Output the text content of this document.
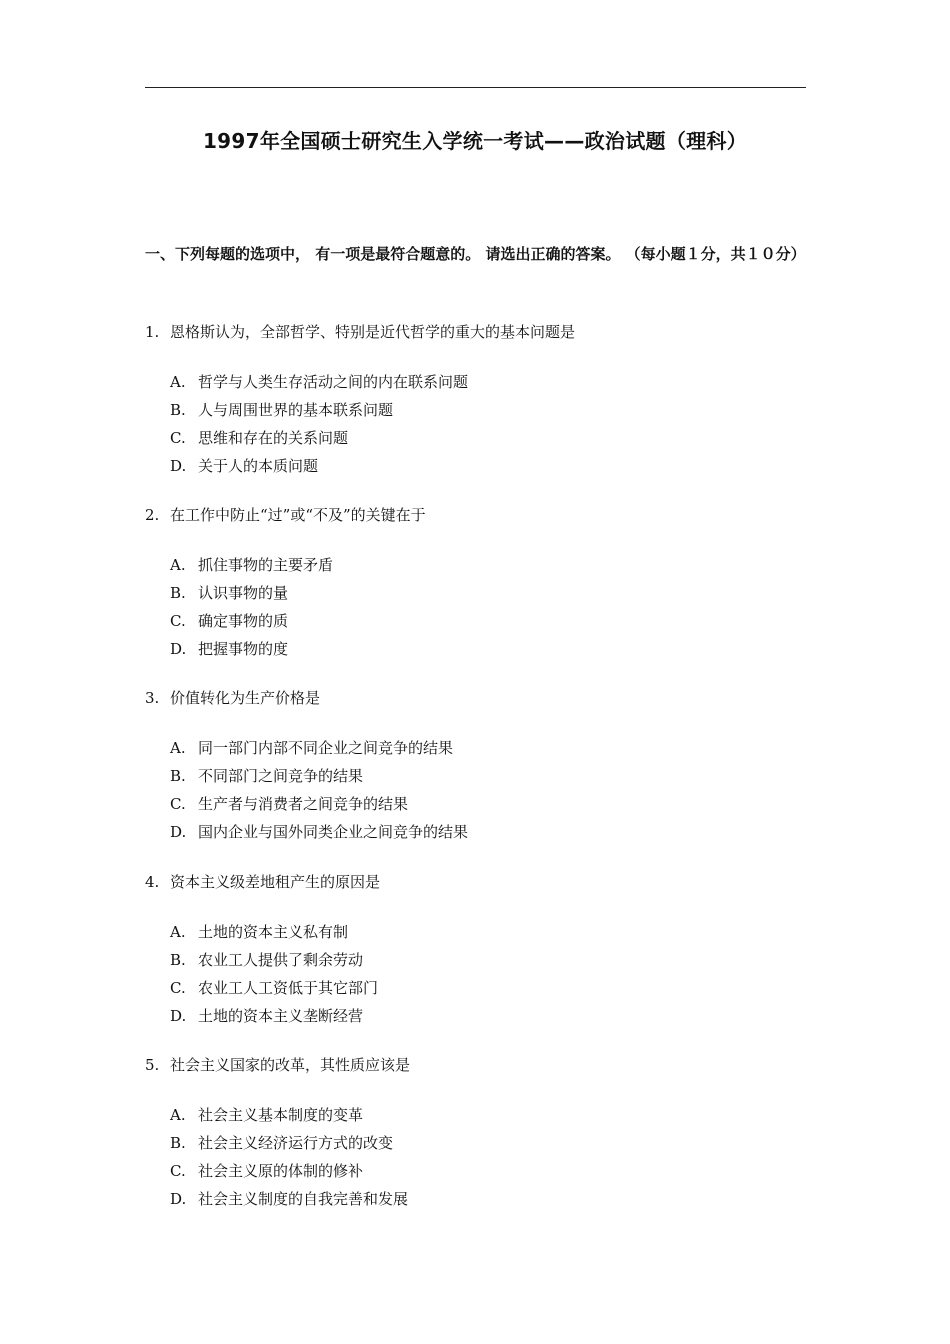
1997年全国硕士研究生入学统一考试——政治试题（理科）
一、下列每题的选项中， 有一项是最符合题意的。 请选出正确的答案。 （每小题１分，共１０分）
1. 恩格斯认为，全部哲学、特别是近代哲学的重大的基本问题是
A. 哲学与人类生存活动之间的内在联系问题
B. 人与周围世界的基本联系问题
C. 思维和存在的关系问题
D. 关于人的本质问题
2. 在工作中防止“过”或“不及”的关键在于
A. 抓住事物的主要矛盾
B. 认识事物的量
C. 确定事物的质
D. 把握事物的度
3. 价值转化为生产价格是
A. 同一部门内部不同企业之间竞争的结果
B. 不同部门之间竞争的结果
C. 生产者与消费者之间竞争的结果
D. 国内企业与国外同类企业之间竞争的结果
4. 资本主义级差地租产生的原因是
A. 土地的资本主义私有制
B. 农业工人提供了剩余劳动
C. 农业工人工资低于其它部门
D. 土地的资本主义垄断经营
5. 社会主义国家的改革，其性质应该是
A. 社会主义基本制度的变革
B. 社会主义经济运行方式的改变
C. 社会主义原的体制的修补
D. 社会主义制度的自我完善和发展
